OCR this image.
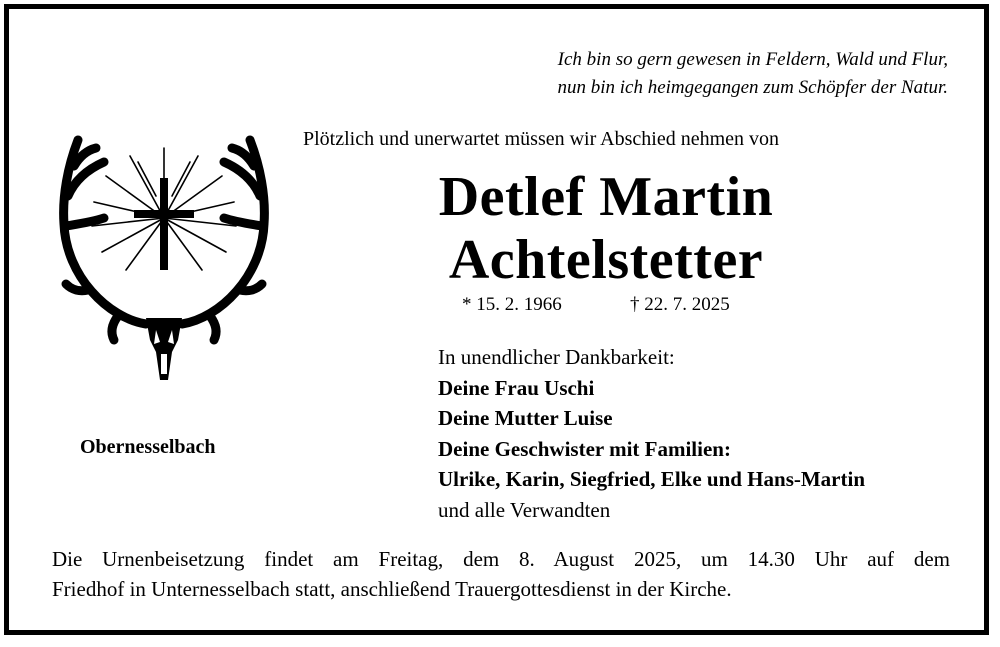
Ich bin so gern gewesen in Feldern, Wald und Flur,
nun bin ich heimgegangen zum Schöpfer der Natur.
Plötzlich und unerwartet müssen wir Abschied nehmen von
Detlef Martin
Achtelstetter
* 15. 2. 1966	† 22. 7. 2025
Obernesselbach
In unendlicher Dankbarkeit:
Deine Frau Uschi
Deine Mutter Luise
Deine Geschwister mit Familien:
Ulrike, Karin, Siegfried, Elke und Hans-Martin
und alle Verwandten
Die Urnenbeisetzung findet am Freitag, dem 8. August 2025, um 14.30 Uhr auf dem
Friedhof in Unternesselbach statt, anschließend Trauergottesdienst in der Kirche.
